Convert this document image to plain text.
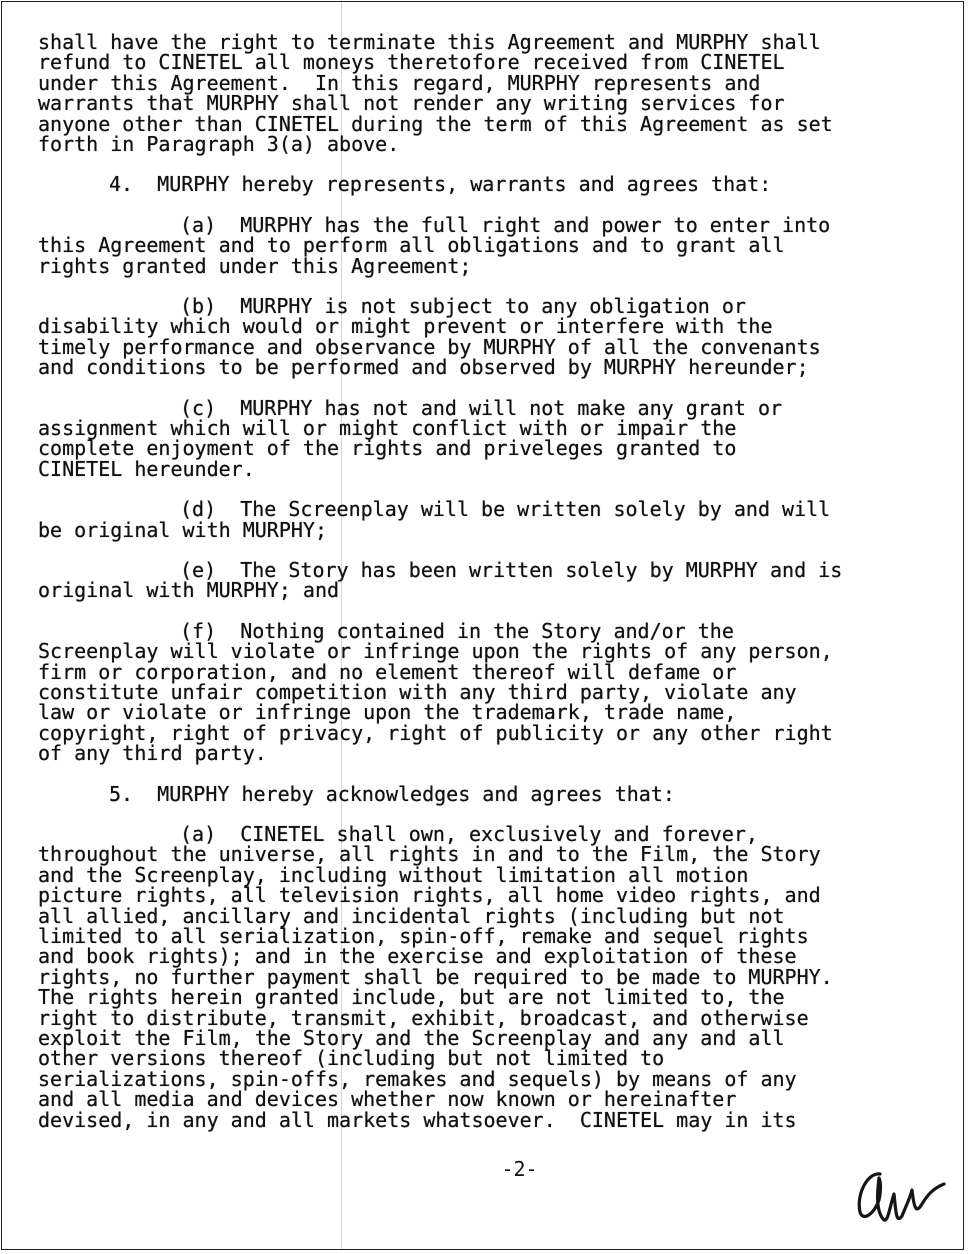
shall have the right to terminate this Agreement and MURPHY shall
refund to CINETEL all moneys theretofore received from CINETEL
under this Agreement.  In this regard, MURPHY represents and
warrants that MURPHY shall not render any writing services for
anyone other than CINETEL during the term of this Agreement as set
forth in Paragraph 3(a) above.
4.  MURPHY hereby represents, warrants and agrees that:
(a)  MURPHY has the full right and power to enter into
this Agreement and to perform all obligations and to grant all
rights granted under this Agreement;
(b)  MURPHY is not subject to any obligation or
disability which would or might prevent or interfere with the
timely performance and observance by MURPHY of all the convenants
and conditions to be performed and observed by MURPHY hereunder;
(c)  MURPHY has not and will not make any grant or
assignment which will or might conflict with or impair the
complete enjoyment of the rights and priveleges granted to
CINETEL hereunder.
(d)  The Screenplay will be written solely by and will
be original with MURPHY;
(e)  The Story has been written solely by MURPHY and is
original with MURPHY; and
(f)  Nothing contained in the Story and/or the
Screenplay will violate or infringe upon the rights of any person,
firm or corporation, and no element thereof will defame or
constitute unfair competition with any third party, violate any
law or violate or infringe upon the trademark, trade name,
copyright, right of privacy, right of publicity or any other right
of any third party.
5.  MURPHY hereby acknowledges and agrees that:
(a)  CINETEL shall own, exclusively and forever,
throughout the universe, all rights in and to the Film, the Story
and the Screenplay, including without limitation all motion
picture rights, all television rights, all home video rights, and
all allied, ancillary and incidental rights (including but not
limited to all serialization, spin-off, remake and sequel rights
and book rights); and in the exercise and exploitation of these
rights, no further payment shall be required to be made to MURPHY.
The rights herein granted include, but are not limited to, the
right to distribute, transmit, exhibit, broadcast, and otherwise
exploit the Film, the Story and the Screenplay and any and all
other versions thereof (including but not limited to
serializations, spin-offs, remakes and sequels) by means of any
and all media and devices whether now known or hereinafter
devised, in any and all markets whatsoever.  CINETEL may in its
-2-
